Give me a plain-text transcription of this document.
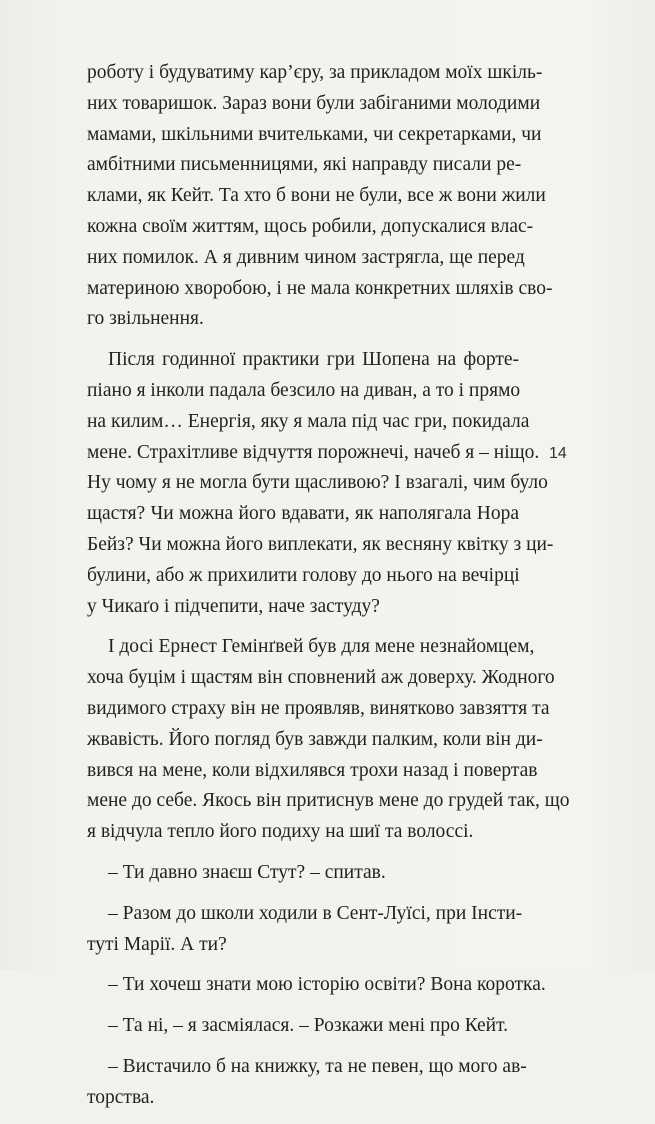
роботу і будуватиму кар’єру, за прикладом моїх шкіль-
них товаришок. Зараз вони були забіганими молодими
мамами, шкільними вчительками, чи секретарками, чи
амбітними письменницями, які направду писали ре-
клами, як Кейт. Та хто б вони не були, все ж вони жили
кожна своїм життям, щось робили, допускалися влас-
них помилок. А я дивним чином застрягла, ще перед
материною хворобою, і не мала конкретних шляхів сво-
го звільнення.

Після годинної практики гри Шопена на форте-
піано я інколи падала безсило на диван, а то і прямо
на килим… Енергія, яку я мала під час гри, покидала
мене. Страхітливе відчуття порожнечі, начеб я – ніщо.
Ну чому я не могла бути щасливою? І взагалі, чим було
щастя? Чи можна його вдавати, як наполягала Нора
Бейз? Чи можна його виплекати, як весняну квітку з ци-
булини, або ж прихилити голову до нього на вечірці
у Чикаґо і підчепити, наче застуду?

І досі Ернест Гемінґвей був для мене незнайомцем,
хоча буцім і щастям він сповнений аж доверху. Жодного
видимого страху він не проявляв, винятково завзяття та
жвавість. Його погляд був завжди палким, коли він ди-
вився на мене, коли відхилявся трохи назад і повертав
мене до себе. Якось він притиснув мене до грудей так, що
я відчула тепло його подиху на шиї та волоссі.

– Ти давно знаєш Стут? – спитав.

– Разом до школи ходили в Сент-Луїсі, при Інсти-
туті Марії. А ти?

– Ти хочеш знати мою історію освіти? Вона коротка.

– Та ні, – я засміялася. – Розкажи мені про Кейт.

– Вистачило б на книжку, та не певен, що мого ав-
торства.

14
